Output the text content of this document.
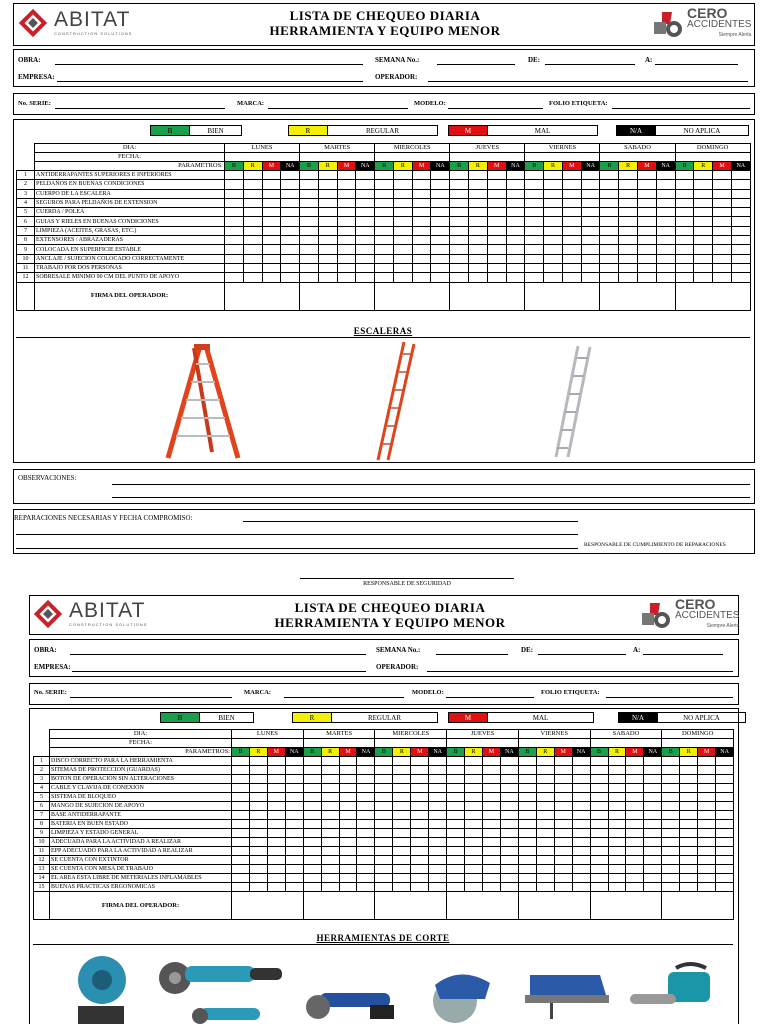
ABITAT
CONSTRUCTION SOLUTIONS
LISTA DE CHEQUEO DIARIA
HERRAMIENTA Y EQUIPO MENOR
CERO
ACCIDENTES
Siempre Alerta
OBRA:	SEMANA No.:	DE:	A:
EMPRESA:	OPERADOR:
No. SERIE:	MARCA:	MODELO:	FOLIO ETIQUETA:
B	BIEN	R	REGULAR	M	MAL	N/A	NO APLICA
	DIA:	LUNES				MARTES				MIERCOLES				JUEVES				VIERNES				SABADO				DOMINGO			
	FECHA:																												
	PARAMETROS:	B	R	M	NA	B	R	M	NA	B	R	M	NA	B	R	M	NA	B	R	M	NA	B	R	M	NA	B	R	M	NA
1	ANTIDERRAPANTES SUPERIORES E INFERIORES																												
2	PELDAÑOS EN BUENAS CONDICIONES																												
3	CUERPO DE LA ESCALERA																												
4	SEGUROS PARA PELDAÑOS DE EXTENSION																												
5	CUERDA / POLEA																												
6	GUIAS Y RIELES EN BUENAS CONDICIONES																												
7	LIMPIEZA (ACEITES, GRASAS, ETC.)																												
8	EXTENSORES / ABRAZADERAS																												
9	COLOCADA EN SUPERFICIE ESTABLE																												
10	ANCLAJE / SUJECION COLOCADO CORRECTAMENTE																												
11	TRABAJO POR DOS PERSONAS																												
12	SOBRESALE MINIMO 90 CM DEL PUNTO DE APOYO																												
	FIRMA DEL OPERADOR:																												
ESCALERAS
OBSERVACIONES:
REPARACIONES NECESARIAS Y FECHA COMPROMISO:
RESPONSABLE DE CUMPLIMIENTO DE REPARACIONES
RESPONSABLE DE SEGURIDAD
ABITAT
CONSTRUCTION SOLUTIONS
LISTA DE CHEQUEO DIARIA
HERRAMIENTA Y EQUIPO MENOR
CERO
ACCIDENTES
Siempre Alerta
OBRA:	SEMANA No.:	DE:	A:
EMPRESA:	OPERADOR:
No. SERIE:	MARCA:	MODELO:	FOLIO ETIQUETA:
B	BIEN	R	REGULAR	M	MAL	N/A	NO APLICA
	DIA:	LUNES				MARTES				MIERCOLES				JUEVES				VIERNES				SABADO				DOMINGO			
	FECHA:																												
	PARAMETROS:	B	R	M	NA	B	R	M	NA	B	R	M	NA	B	R	M	NA	B	R	M	NA	B	R	M	NA	B	R	M	NA
1	DISCO CORRECTO PARA LA HERRAMIENTA																												
2	SITEMAS DE PROTECCION (GUARDAS)																												
3	BOTON DE OPERACIÓN SIN ALTERACIONES																												
4	CABLE Y CLAVIJA DE CONEXIÓN																												
5	SISTEMA DE BLOQUEO																												
6	MANGO DE SUJECION DE APOYO																												
7	BASE ANTIDERRAPANTE																												
8	BATERIA EN BUEN ESTADO																												
9	LIMPIEZA Y ESTADO GENERAL																												
10	ADECUADA PARA LA ACTIVIDAD A REALIZAR																												
11	EPP ADECUADO PARA LA ACTIVIDAD A REALIZAR																												
12	SE CUENTA CON EXTINTOR																												
13	SE CUENTA CON MESA DE TRABAJO																												
14	EL AREA ESTA LIBRE DE METERIALES INFLAMABLES																												
15	BUENAS PRACTICAS ERGONOMICAS																												
	FIRMA DEL OPERADOR:																												
HERRAMIENTAS DE CORTE
